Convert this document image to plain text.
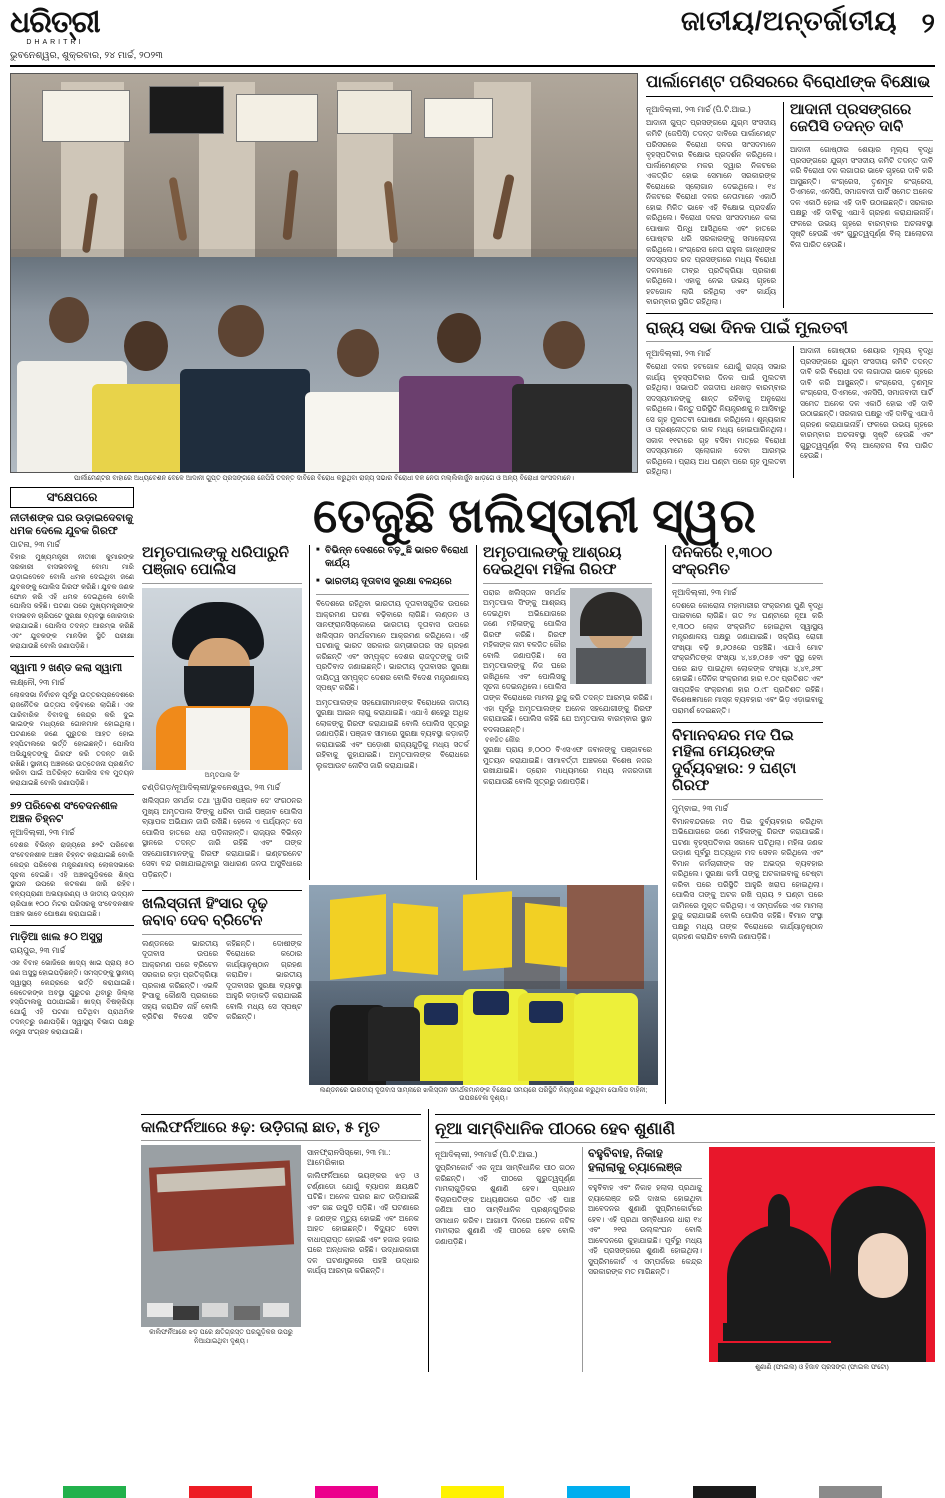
ଧରିତ୍ରୀ
DHARITRI
ଭୁବନେଶ୍ୱର, ଶୁକ୍ରବାର, ୨୪ ମାର୍ଚ୍ଚ, ୨୦୨୩
ଜାତୀୟ/ଅନ୍ତର୍ଜାତୀୟ ୨
ପାର୍ଲାମେଣ୍ଟର ବାହାରେ ଅଧ୍ୟବେଶନ ବେଳେ ଆଦାନୀ ଗୁପ୍ତ ପ୍ରସଙ୍ଗରେ ଜେପିସି ତଦନ୍ତ ଦାବିରେ ବିରୋଧ କରୁଥିବା ରାଜ୍ୟ ସଭାର ବିରୋଧୀ ଦଳ ନେତା ମଲ୍ଲିକାର୍ଜୁନ ଖାଡ଼ଗେ ଓ ଅନ୍ୟ ବିରୋଧୀ ସାଂସଦମାନେ।
ପାର୍ଲାମେଣ୍ଟ ପରିସରରେ ବିରୋଧୀଙ୍କ ବିକ୍ଷୋଭ
ନୂଆଦିଲ୍ଲୀ, ୨୩ ମାର୍ଚ୍ଚ (ପି.ଟି.ଆଇ.)
ଆଦାନୀ ଗୁପ୍ତ ପ୍ରସଙ୍ଗରେ ଯୁଗ୍ମ ସଂସଦୀୟ କମିଟି (ଜେପିସି) ତଦନ୍ତ ଦାବିରେ ପାର୍ଲାମେଣ୍ଟ ପରିସରରେ ବିରୋଧୀ ଦଳର ସାଂସଦମାନେ ବୃହସ୍ପତିବାର ବିକ୍ଷୋଭ ପ୍ରଦର୍ଶନ କରିଥିଲେ। ପାର୍ଲାମେଣ୍ଟର ମକର ଦ୍ୱାର ନିକଟରେ ଏକତ୍ରିତ ହୋଇ ସେମାନେ ସରକାରଙ୍କ ବିରୋଧରେ ସ୍ଲୋଗାନ ଦେଇଥିଲେ। ୧୪ ନିକଟରେ ବିରୋଧୀ ଦଳର ନେତାମାନେ ଏକାଠି ହୋଇ ମିଳିତ ଭାବେ ଏହି ବିକ୍ଷୋଭ ପ୍ରଦର୍ଶନ କରିଥିଲେ। ବିରୋଧୀ ଦଳର ସାଂସଦମାନେ କଳା ପୋଷାକ ପିନ୍ଧି ଆସିଥିଲେ ଏବଂ ହାତରେ ପୋଷ୍ଟର ଧରି ସରକାରଙ୍କୁ ସମାଲୋଚନା କରିଥିଲେ। କଂଗ୍ରେସ ନେତା ରାହୁଲ ଗାନ୍ଧୀଙ୍କ ସଦସ୍ୟପଦ ରଦ ପ୍ରସଙ୍ଗରେ ମଧ୍ୟ ବିରୋଧୀ ଦଳମାନେ ତୀବ୍ର ପ୍ରତିକ୍ରିୟା ପ୍ରକାଶ କରିଥିଲେ। ଏହାକୁ ନେଇ ଉଭୟ ଗୃହରେ ହଟଗୋଳ ଲାଗି ରହିଥିଲା ଏବଂ କାର୍ଯ୍ୟ ବାରମ୍ବାର ସ୍ଥଗିତ ରହିଥିଲା।
ଆଦାନୀ ପ୍ରସଙ୍ଗରେ ଜେପିସି ତଦନ୍ତ ଦାବି
ଆଦାନୀ ଗୋଷ୍ଠୀର ଶେୟାର ମୂଲ୍ୟ ବୃଦ୍ଧି ପ୍ରସଙ୍ଗରେ ଯୁଗ୍ମ ସଂସଦୀୟ କମିଟି ତଦନ୍ତ ଦାବି କରି ବିରୋଧୀ ଦଳ ଲଗାତାର ଭାବେ ଗୃହରେ ଦାବି କରି ଆସୁଛନ୍ତି। କଂଗ୍ରେସ, ତୃଣମୂଳ କଂଗ୍ରେସ, ଡିଏମକେ, ଏନସିପି, ସମାଜବାଦୀ ପାର୍ଟି ସମେତ ଅନେକ ଦଳ ଏକାଠି ହୋଇ ଏହି ଦାବି ଉଠାଇଛନ୍ତି। ସରକାର ପକ୍ଷରୁ ଏହି ଦାବିକୁ ଏଯାଏଁ ଗ୍ରହଣ କରାଯାଇନାହିଁ। ଫଳରେ ଉଭୟ ଗୃହରେ ବାରମ୍ବାର ଅଚଳାବସ୍ଥା ସୃଷ୍ଟି ହେଉଛି ଏବଂ ଗୁରୁତ୍ୱପୂର୍ଣ୍ଣ ବିଲ୍ ଆଲୋଚନା ବିନା ପାରିତ ହେଉଛି।
ରାଜ୍ୟ ସଭା ଦିନକ ପାଇଁ ମୁଲତବୀ
ନୂଆଦିଲ୍ଲୀ, ୨୩ ମାର୍ଚ୍ଚ
ବିରୋଧୀ ଦଳର ହଟଗୋଳ ଯୋଗୁଁ ରାଜ୍ୟ ସଭାର କାର୍ଯ୍ୟ ବୃହସ୍ପତିବାର ଦିନକ ପାଇଁ ମୁଲତବୀ ରହିଥିଲା। ସଭାପତି ଜଗଦୀପ ଧନଖଡ଼ ବାରମ୍ବାର ସଦସ୍ୟମାନଙ୍କୁ ଶାନ୍ତ ରହିବାକୁ ଅନୁରୋଧ କରିଥିଲେ। କିନ୍ତୁ ପରିସ୍ଥିତି ନିୟନ୍ତ୍ରଣକୁ ନ ଆସିବାରୁ ସେ ଗୃହ ମୁଲତବୀ ଘୋଷଣା କରିଥିଲେ। ଶୂନ୍ୟକାଳ ଓ ପ୍ରଶ୍ନୋତ୍ତର କାଳ ମଧ୍ୟ ହୋଇପାରିନଥିଲା। ସକାଳ ୧୧ଟାରେ ଗୃହ ବସିବା ମାତ୍ରେ ବିରୋଧୀ ସଦସ୍ୟମାନେ ସ୍ଲୋଗାନ ଦେବା ଆରମ୍ଭ କରିଥିଲେ। ପ୍ରାୟ ଅଧ ଘଣ୍ଟା ପରେ ଗୃହ ମୁଲତବୀ ରହିଥିଲା।
ଆଦାନୀ ଗୋଷ୍ଠୀର ଶେୟାର ମୂଲ୍ୟ ବୃଦ୍ଧି ପ୍ରସଙ୍ଗରେ ଯୁଗ୍ମ ସଂସଦୀୟ କମିଟି ତଦନ୍ତ ଦାବି କରି ବିରୋଧୀ ଦଳ ଲଗାତାର ଭାବେ ଗୃହରେ ଦାବି କରି ଆସୁଛନ୍ତି। କଂଗ୍ରେସ, ତୃଣମୂଳ କଂଗ୍ରେସ, ଡିଏମକେ, ଏନସିପି, ସମାଜବାଦୀ ପାର୍ଟି ସମେତ ଅନେକ ଦଳ ଏକାଠି ହୋଇ ଏହି ଦାବି ଉଠାଇଛନ୍ତି। ସରକାର ପକ୍ଷରୁ ଏହି ଦାବିକୁ ଏଯାଏଁ ଗ୍ରହଣ କରାଯାଇନାହିଁ। ଫଳରେ ଉଭୟ ଗୃହରେ ବାରମ୍ବାର ଅଚଳାବସ୍ଥା ସୃଷ୍ଟି ହେଉଛି ଏବଂ ଗୁରୁତ୍ୱପୂର୍ଣ୍ଣ ବିଲ୍ ଆଲୋଚନା ବିନା ପାରିତ ହେଉଛି।
ସଂକ୍ଷେପରେ
ନୀତୀଶଙ୍କ ଘର ଉଡ଼ାଇଦେବାକୁ ଧମକ ଦେଲେ ଯୁବକ ଗିରଫ
ପାଟନା, ୨୩ ମାର୍ଚ୍ଚ
ବିହାର ମୁଖ୍ୟମନ୍ତ୍ରୀ ନୀତୀଶ କୁମାରଙ୍କ ସରକାରୀ ବାସଭବନକୁ ବୋମା ମାରି ଉଡ଼ାଇଦେବେ ବୋଲି ଧମକ ଦେଇଥିବା ଜଣେ ଯୁବକଙ୍କୁ ପୋଲିସ ଗିରଫ କରିଛି। ଯୁବକ ଜଣକ ଫୋନ କରି ଏହି ଧମକ ଦେଇଥିଲେ ବୋଲି ପୋଲିସ କହିଛି। ଘଟଣା ପରେ ମୁଖ୍ୟମନ୍ତ୍ରୀଙ୍କ ବାସଭବନ ଚାରିପଟେ ସୁରକ୍ଷା ବ୍ୟବସ୍ଥା ଜୋରଦାର କରାଯାଇଛି। ପୋଲିସ ତଦନ୍ତ ଆରମ୍ଭ କରିଛି ଏବଂ ଯୁବକଙ୍କ ମାନସିକ ସ୍ଥିତି ପରୀକ୍ଷା କରାଯାଉଛି ବୋଲି ଜଣାପଡ଼ିଛି।
ସ୍ୱାମୀ ୨ ଖଣ୍ଡ କଲା ସ୍ୱାମୀ
ଲକ୍ଷ୍ନୌ, ୨୩ ମାର୍ଚ୍ଚ
ଲୋକସଭା ନିର୍ବାଚନ ପୂର୍ବରୁ ଉତ୍ତରପ୍ରଦେଶରେ ରାଜନୈତିକ ଉତ୍ତାପ ବଢ଼ିବାରେ ଲାଗିଛି। ଏକ ପାରିବାରିକ ବିବାଦକୁ କେନ୍ଦ୍ର କରି ଦୁଇ ଭାଇଙ୍କ ମଧ୍ୟରେ ଗୋଳମାଳ ହୋଇଥିଲା। ଘଟଣାରେ ଜଣେ ଗୁରୁତର ଆହତ ହୋଇ ହସ୍ପିଟାଲରେ ଭର୍ତ୍ତି ହୋଇଛନ୍ତି। ପୋଲିସ ଅଭିଯୁକ୍ତଙ୍କୁ ଗିରଫ କରି ତଦନ୍ତ ଜାରି ରଖିଛି। ସ୍ଥାନୀୟ ଅଞ୍ଚଳରେ ଉତ୍ତେଜନା ପ୍ରଶମିତ କରିବା ପାଇଁ ଅତିରିକ୍ତ ପୋଲିସ ବଳ ମୁତୟନ କରାଯାଇଛି ବୋଲି ଜଣାପଡ଼ିଛି।
୭୨ ପରିବେଶ ସଂବେଦନଶୀଳ ଅଞ୍ଚଳ ଚିହ୍ନଟ
ନୂଆଦିଲ୍ଲୀ, ୨୩ ମାର୍ଚ୍ଚ
ଦେଶର ବିଭିନ୍ନ ରାଜ୍ୟରେ ୭୨ଟି ପରିବେଶ ସଂବେଦନଶୀଳ ଅଞ୍ଚଳ ଚିହ୍ନଟ କରାଯାଇଛି ବୋଲି କେନ୍ଦ୍ର ପରିବେଶ ମନ୍ତ୍ରଣାଳୟ ଲୋକସଭାରେ ସୂଚନା ଦେଇଛି। ଏହି ଅଞ୍ଚଳଗୁଡ଼ିକରେ ଶିଳ୍ପ ସ୍ଥାପନ ଉପରେ କଟକଣା ଜାରି ରହିବ। ବନ୍ୟପ୍ରାଣୀ ଅଭୟାରଣ୍ୟ ଓ ଜାତୀୟ ଉଦ୍ୟାନ ଚାରିପାଖ ୧୦୦ ମିଟର ପରିସରକୁ ସଂବେଦନଶୀଳ ଅଞ୍ଚଳ ଭାବେ ଘୋଷଣା କରାଯାଇଛି।
ମାଡ଼ିଆ ଖାଲ ୫୦ ଅସୁସ୍ଥ
ରାୟପୁର, ୨୩ ମାର୍ଚ୍ଚ
ଏକ ବିବାହ ଭୋଜିରେ ଖାଦ୍ୟ ଖାଇ ପ୍ରାୟ ୫୦ ଜଣ ଅସୁସ୍ଥ ହୋଇପଡ଼ିଛନ୍ତି। ସମସ୍ତଙ୍କୁ ସ୍ଥାନୀୟ ସ୍ୱାସ୍ଥ୍ୟ କେନ୍ଦ୍ରରେ ଭର୍ତ୍ତି କରାଯାଇଛି। କେତେକଙ୍କ ଅବସ୍ଥା ଗୁରୁତର ଥିବାରୁ ଜିଲ୍ଲା ହସ୍ପିଟାଲକୁ ପଠାଯାଇଛି। ଖାଦ୍ୟ ବିଷକ୍ରିୟା ଯୋଗୁଁ ଏହି ଘଟଣା ଘଟିଥିବା ପ୍ରାଥମିକ ତଦନ୍ତରୁ ଜଣାପଡ଼ିଛି। ସ୍ୱାସ୍ଥ୍ୟ ବିଭାଗ ପକ୍ଷରୁ ନମୁନା ସଂଗ୍ରହ କରାଯାଇଛି।
ତେଜୁଛି ଖଲିସ୍ତାନୀ ସ୍ୱର
ଅମୃତପାଲଙ୍କୁ ଧରିପାରୁନି ପଞ୍ଜାବ ପୋଲିସ
ଅମୃତପାଲ ସିଂ
ଚଣ୍ଡିଗଡ଼/ନୂଆଦିଲ୍ଲୀ/ଭୁବନେଶ୍ୱର, ୨୩ ମାର୍ଚ୍ଚ
ଖଲିସ୍ତାନ ସମର୍ଥକ ତଥା 'ୱାରିସ ପଞ୍ଜାବ ଦେ' ସଂଗଠନର ମୁଖ୍ୟ ଅମୃତପାଲ ସିଂଙ୍କୁ ଧରିବା ପାଇଁ ପଞ୍ଜାବ ପୋଲିସ ବ୍ୟାପକ ଅଭିଯାନ ଜାରି ରଖିଛି। ହେଲେ ଏ ପର୍ଯ୍ୟନ୍ତ ସେ ପୋଲିସ ହାତରେ ଧରା ପଡ଼ିନାହାନ୍ତି। ରାଜ୍ୟର ବିଭିନ୍ନ ସ୍ଥାନରେ ତଦନ୍ତ ଜାରି ରହିଛି ଏବଂ ତାଙ୍କ ସହଯୋଗୀମାନଙ୍କୁ ଗିରଫ କରାଯାଇଛି। ଇଣ୍ଟରନେଟ ସେବା ବନ୍ଦ ରଖାଯାଇଥିବାରୁ ସାଧାରଣ ଜନତା ଅସୁବିଧାରେ ପଡ଼ିଛନ୍ତି।
■ ବିଭିନ୍ନ ଦେଶରେ ବଢ଼ୁଛି ଭାରତ ବିରୋଧୀ କାର୍ଯ୍ୟ
■ ଭାରତୀୟ ଦୂତାବାସ ସୁରକ୍ଷା ବଳୟରେ
ବିଦେଶରେ ରହିଥିବା ଭାରତୀୟ ଦୂତାବାସଗୁଡ଼ିକ ଉପରେ ଆକ୍ରମଣ ଘଟଣା ବଢ଼ିବାରେ ଲାଗିଛି। ଲଣ୍ଡନ ଓ ସାନଫ୍ରାନସିସ୍କୋରେ ଭାରତୀୟ ଦୂତାବାସ ଉପରେ ଖଲିସ୍ତାନ ସମର୍ଥକମାନେ ଆକ୍ରମଣ କରିଥିଲେ। ଏହି ଘଟଣାକୁ ଭାରତ ସରକାର ଗମ୍ଭୀରତାର ସହ ଗ୍ରହଣ କରିଛନ୍ତି ଏବଂ ସମ୍ପୃକ୍ତ ଦେଶର ରାଜଦୂତଙ୍କୁ ଡାକି ପ୍ରତିବାଦ ଜଣାଇଛନ୍ତି। ଭାରତୀୟ ଦୂତାବାସର ସୁରକ୍ଷା ଦାୟିତ୍ୱ ସମ୍ପୃକ୍ତ ଦେଶର ବୋଲି ବିଦେଶ ମନ୍ତ୍ରଣାଳୟ ସ୍ପଷ୍ଟ କରିଛି।
ଅମୃତପାଲଙ୍କ ସହଯୋଗୀମାନଙ୍କ ବିରୋଧରେ ଜାତୀୟ ସୁରକ୍ଷା ଆଇନ ଲାଗୁ କରାଯାଇଛି। ଏଯାଏଁ ଶହେରୁ ଅଧିକ ଲୋକଙ୍କୁ ଗିରଫ କରାଯାଇଛି ବୋଲି ପୋଲିସ ସୂତ୍ରରୁ ଜଣାପଡ଼ିଛି। ପଞ୍ଜାବ ସୀମାରେ ସୁରକ୍ଷା ବ୍ୟବସ୍ଥା କଡ଼ାକଡ଼ି କରାଯାଇଛି ଏବଂ ପଡ଼ୋଶୀ ରାଜ୍ୟଗୁଡ଼ିକୁ ମଧ୍ୟ ସତର୍କ ରହିବାକୁ କୁହାଯାଇଛି। ଅମୃତପାଲଙ୍କ ବିରୋଧରେ ଲୁକଆଉଟ ନୋଟିସ ଜାରି କରାଯାଇଛି।
ଅମୃତପାଲଙ୍କୁ ଆଶ୍ରୟ ଦେଇଥିବା ମହିଳା ଗିରଫ
ପରାର ଖଲିସ୍ତାନ ସମର୍ଥକ ଅମୃତପାଲ ସିଂଙ୍କୁ ଆଶ୍ରୟ ଦେଇଥିବା ଅଭିଯୋଗରେ ଜଣେ ମହିଳାଙ୍କୁ ପୋଲିସ ଗିରଫ କରିଛି। ଗିରଫ ମହିଳାଙ୍କ ନାମ ବଳଜିତ କୌର ବୋଲି ଜଣାପଡ଼ିଛି। ସେ ଅମୃତପାଲଙ୍କୁ ନିଜ ଘରେ ରଖିଥିଲେ ଏବଂ ପୋଲିସକୁ ସୂଚନା ଦେଇନଥିଲେ। ପୋଲିସ ତାଙ୍କ ବିରୋଧରେ ମାମଲା ରୁଜୁ କରି ତଦନ୍ତ ଆରମ୍ଭ କରିଛି। ଏହା ପୂର୍ବରୁ ଅମୃତପାଲଙ୍କ ଅନେକ ସହଯୋଗୀଙ୍କୁ ଗିରଫ କରାଯାଇଛି। ପୋଲିସ କହିଛି ଯେ ଅମୃତପାଲ ବାରମ୍ବାର ସ୍ଥାନ ବଦଳାଉଛନ୍ତି।
ବଳଜିତ କୌର
ସୁରକ୍ଷା ପ୍ରାୟ ୭,୦୦୦ ବିଏସଏଫ ଜବାନଙ୍କୁ ପଞ୍ଜାବରେ ମୁତୟନ କରାଯାଇଛି। ସୀମାବର୍ତ୍ତୀ ଅଞ୍ଚଳରେ ବିଶେଷ ନଜର ରଖାଯାଇଛି। ଡ୍ରୋନ ମାଧ୍ୟମରେ ମଧ୍ୟ ନଜରଦାରୀ କରାଯାଉଛି ବୋଲି ସୂତ୍ରରୁ ଜଣାପଡ଼ିଛି।
ଖଲିସ୍ତାନୀ ହିଂସାର ଦୃଢ଼ ଜବାବ ଦେବ ବ୍ରିଟେନ
ଲଣ୍ଡନରେ ଭାରତୀୟ ଦୂତାବାସ ଉପରେ ଆକ୍ରମଣ ପରେ ବ୍ରିଟେନ ସରକାର କଡ଼ା ପ୍ରତିକ୍ରିୟା ପ୍ରକାଶ କରିଛନ୍ତି। ଏଭଳି ହିଂସାକୁ କୌଣସି ପ୍ରକାରେ ସହ୍ୟ କରାଯିବ ନାହିଁ ବୋଲି ବ୍ରିଟିଶ ବିଦେଶ ସଚିବ କହିଛନ୍ତି। ଦୋଷୀଙ୍କ ବିରୋଧରେ କଠୋର କାର୍ଯ୍ୟାନୁଷ୍ଠାନ ଗ୍ରହଣ କରାଯିବ। ଭାରତୀୟ ଦୂତାବାସର ସୁରକ୍ଷା ବ୍ୟବସ୍ଥା ଆହୁରି କଡ଼ାକଡ଼ି କରାଯାଇଛି ବୋଲି ମଧ୍ୟ ସେ ସ୍ପଷ୍ଟ କରିଛନ୍ତି।
ଲଣ୍ଡନରେ ଭାରତୀୟ ଦୂତାବାସ ସାମ୍ନାରେ ଖଲିସ୍ତାନ ସମର୍ଥକମାନଙ୍କ ବିକ୍ଷୋଭ ସମୟରେ ପରିସ୍ଥିତି ନିୟନ୍ତ୍ରଣ କରୁଥିବା ପୋଲିସ ବାହିନୀ; ଉପରବେଳା ଦୃଶ୍ୟ।
ଦିନକରେ ୧,୩୦୦ ସଂକ୍ରମିତ
ନୂଆଦିଲ୍ଲୀ, ୨୩ ମାର୍ଚ୍ଚ
ଦେଶରେ କୋରୋନା ମହାମାରୀର ସଂକ୍ରମଣ ପୁଣି ବୃଦ୍ଧି ପାଇବାରେ ଲାଗିଛି। ଗତ ୨୪ ଘଣ୍ଟାରେ ନୂଆ କରି ୧,୩୦୦ ଲୋକ ସଂକ୍ରମିତ ହୋଇଥିବା ସ୍ୱାସ୍ଥ୍ୟ ମନ୍ତ୍ରଣାଳୟ ପକ୍ଷରୁ ଜଣାଯାଇଛି। ସକ୍ରିୟ ରୋଗୀ ସଂଖ୍ୟା ବଢ଼ି ୭,୬୦୫ରେ ପହଞ୍ଚିଛି। ଏଯାଏଁ ମୋଟ ସଂକ୍ରମିତଙ୍କ ସଂଖ୍ୟା ୪,୪୭,୦୫୭ ଏବଂ ସୁସ୍ଥ ହେବା ପରେ ଛାଡ଼ ପାଇଥିବା ଲୋକଙ୍କ ସଂଖ୍ୟା ୪,୪୧,୬୨୮ ହୋଇଛି। ଦୈନିକ ସଂକ୍ରମଣ ହାର ୧.୦୯ ପ୍ରତିଶତ ଏବଂ ସାପ୍ତାହିକ ସଂକ୍ରମଣ ହାର ୦.୯୮ ପ୍ରତିଶତ ରହିଛି। ବିଶେଷଜ୍ଞମାନେ ମାସ୍କ ବ୍ୟବହାର ଏବଂ ଭିଡ଼ ଏଡ଼ାଇବାକୁ ପରାମର୍ଶ ଦେଇଛନ୍ତି।
ବିମାନବନ୍ଦର ମଦ ପିଇ ମହିଳା ମେୟରଙ୍କ ଦୁର୍ବ୍ୟବହାର: ୨ ଘଣ୍ଟା ଗିରଫ
ମୁମ୍ବାଇ, ୨୩ ମାର୍ଚ୍ଚ
ବିମାନବନ୍ଦରରେ ମଦ ପିଇ ଦୁର୍ବ୍ୟବହାର କରିଥିବା ଅଭିଯୋଗରେ ଜଣେ ମହିଳାଙ୍କୁ ଗିରଫ କରାଯାଇଛି। ଘଟଣା ବୃହସ୍ପତିବାର ସକାଳେ ଘଟିଥିଲା। ମହିଳା ଜଣକ ଉଡ଼ାଣ ପୂର୍ବରୁ ଅତ୍ୟଧିକ ମଦ ସେବନ କରିଥିଲେ ଏବଂ ବିମାନ କର୍ମଚାରୀଙ୍କ ସହ ଅଭଦ୍ର ବ୍ୟବହାର କରିଥିଲେ। ସୁରକ୍ଷା କର୍ମୀ ତାଙ୍କୁ ଅଟକାଇବାକୁ ଚେଷ୍ଟା କରିବା ପରେ ପରିସ୍ଥିତି ଆହୁରି ଖରାପ ହୋଇଥିଲା। ପୋଲିସ ତାଙ୍କୁ ଅଟକ ରଖି ପ୍ରାୟ ୨ ଘଣ୍ଟା ପରେ ଜାମିନରେ ମୁକ୍ତ କରିଥିଲା। ଏ ସମ୍ପର୍କରେ ଏକ ମାମଲା ରୁଜୁ କରାଯାଇଛି ବୋଲି ପୋଲିସ କହିଛି। ବିମାନ ସଂସ୍ଥା ପକ୍ଷରୁ ମଧ୍ୟ ତାଙ୍କ ବିରୋଧରେ କାର୍ଯ୍ୟାନୁଷ୍ଠାନ ଗ୍ରହଣ କରାଯିବ ବୋଲି ଜଣାପଡ଼ିଛି।
କାଲିଫର୍ନିଆରେ ୫ଢ଼: ଉଡ଼ିଗଲା ଛାତ, ୫ ମୃତ
କାଲିଫର୍ନିଆରେ ଝଡ଼ ପରେ କ୍ଷତିଗ୍ରସ୍ତ ଘରଗୁଡ଼ିକର ଉପରୁ ନିଆଯାଇଥିବା ଦୃଶ୍ୟ।
ସାନଫ୍ରାନସିସ୍କୋ, ୨୩ ମା.: ଆମେରିକାର
କାଲିଫର୍ନିଆରେ ଭୟଙ୍କର ଝଡ଼ ଓ ଟର୍ଣ୍ଣାଡୋ ଯୋଗୁଁ ବ୍ୟାପକ କ୍ଷୟକ୍ଷତି ଘଟିଛି। ଅନେକ ଘରର ଛାତ ଉଡ଼ିଯାଇଛି ଏବଂ ଗଛ ଉପୁଡ଼ି ପଡ଼ିଛି। ଏହି ଘଟଣାରେ ୫ ଜଣଙ୍କ ମୃତ୍ୟୁ ହୋଇଛି ଏବଂ ଅନେକ ଆହତ ହୋଇଛନ୍ତି। ବିଦ୍ୟୁତ ସେବା ବାଧାପ୍ରାପ୍ତ ହୋଇଛି ଏବଂ ହଜାର ହଜାର ଘରେ ଅନ୍ଧକାର ରହିଛି। ଉଦ୍ଧାରକାରୀ ଦଳ ଘଟଣାସ୍ଥଳରେ ପହଞ୍ଚି ଉଦ୍ଧାର କାର୍ଯ୍ୟ ଆରମ୍ଭ କରିଛନ୍ତି।
ନୂଆ ସାମ୍ବିଧାନିକ ପୀଠରେ ହେବ ଶୁଣାଣି
ନୂଆଦିଲ୍ଲୀ, ୨୩ମାର୍ଚ୍ଚ (ପି.ଟି.ଆଇ.)
ସୁପ୍ରିମକୋର୍ଟ ଏକ ନୂଆ ସାମ୍ବିଧାନିକ ପୀଠ ଗଠନ କରିଛନ୍ତି। ଏହି ପୀଠରେ ଗୁରୁତ୍ୱପୂର୍ଣ୍ଣ ମାମଲାଗୁଡ଼ିକର ଶୁଣାଣି ହେବ। ପ୍ରଧାନ ବିଚାରପତିଙ୍କ ଅଧ୍ୟକ୍ଷତାରେ ଗଠିତ ଏହି ପାଞ୍ଚ ଜଣିଆ ପୀଠ ସାମ୍ବିଧାନିକ ପ୍ରଶ୍ନଗୁଡ଼ିକର ସମାଧାନ କରିବ। ଆଗାମୀ ଦିନରେ ଅନେକ ଜଟିଳ ମାମଲାର ଶୁଣାଣି ଏହି ପୀଠରେ ହେବ ବୋଲି ଜଣାପଡ଼ିଛି।
ବହୁବିବାହ, ନିକାହ ହଲାଲାକୁ ଚ୍ୟାଲେଞ୍ଜ
ବହୁବିବାହ ଏବଂ ନିକାହ ହଲାଲା ପ୍ରଥାକୁ ଚ୍ୟାଲେଞ୍ଜ କରି ଦାଖଲ ହୋଇଥିବା ଆବେଦନର ଶୁଣାଣି ସୁପ୍ରିମକୋର୍ଟରେ ହେବ। ଏହି ପ୍ରଥା ସମ୍ବିଧାନର ଧାରା ୧୪ ଏବଂ ୨୧ର ଉଲ୍ଲଂଘନ ବୋଲି ଆବେଦନରେ କୁହାଯାଇଛି। ପୂର୍ବରୁ ମଧ୍ୟ ଏହି ପ୍ରସଙ୍ଗରେ ଶୁଣାଣି ହୋଇଥିଲା। ସୁପ୍ରିମକୋର୍ଟ ଏ ସମ୍ପର୍କରେ କେନ୍ଦ୍ର ସରକାରଙ୍କ ମତ ମାଗିଛନ୍ତି।
ଶୁଣାଣି (ଫାଇଲ) ଓ ହିଜାବ ପ୍ରସଙ୍ଗ (ଫାଇଲ ଫଟୋ)
